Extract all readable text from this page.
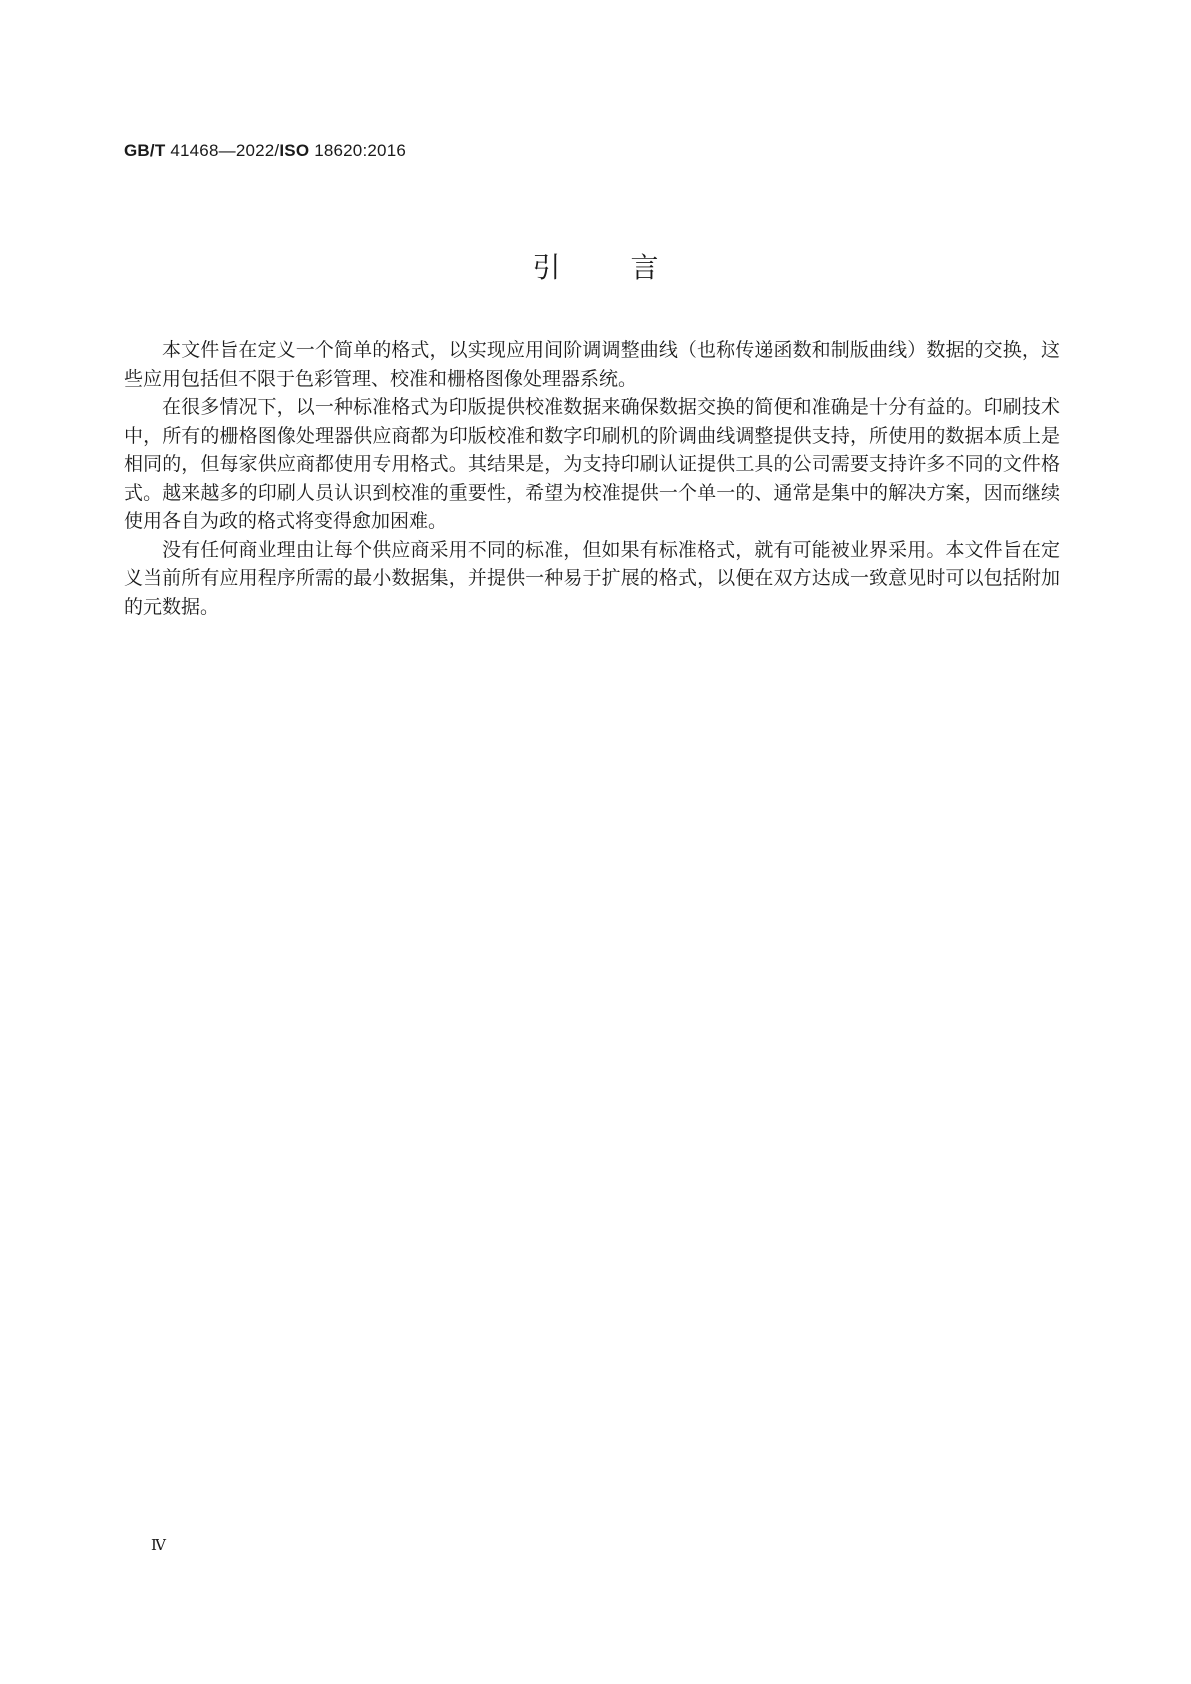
GB/T 41468—2022/ISO 18620:2016
引言

本文件旨在定义一个简单的格式，以实现应用间阶调调整曲线（也称传递函数和制版曲线）数据的交换，这些应用包括但不限于色彩管理、校准和栅格图像处理器系统。

在很多情况下，以一种标准格式为印版提供校准数据来确保数据交换的简便和准确是十分有益的。印刷技术中，所有的栅格图像处理器供应商都为印版校准和数字印刷机的阶调曲线调整提供支持，所使用的数据本质上是相同的，但每家供应商都使用专用格式。其结果是，为支持印刷认证提供工具的公司需要支持许多不同的文件格式。越来越多的印刷人员认识到校准的重要性，希望为校准提供一个单一的、通常是集中的解决方案，因而继续使用各自为政的格式将变得愈加困难。

没有任何商业理由让每个供应商采用不同的标准，但如果有标准格式，就有可能被业界采用。本文件旨在定义当前所有应用程序所需的最小数据集，并提供一种易于扩展的格式，以便在双方达成一致意见时可以包括附加的元数据。

Ⅳ
